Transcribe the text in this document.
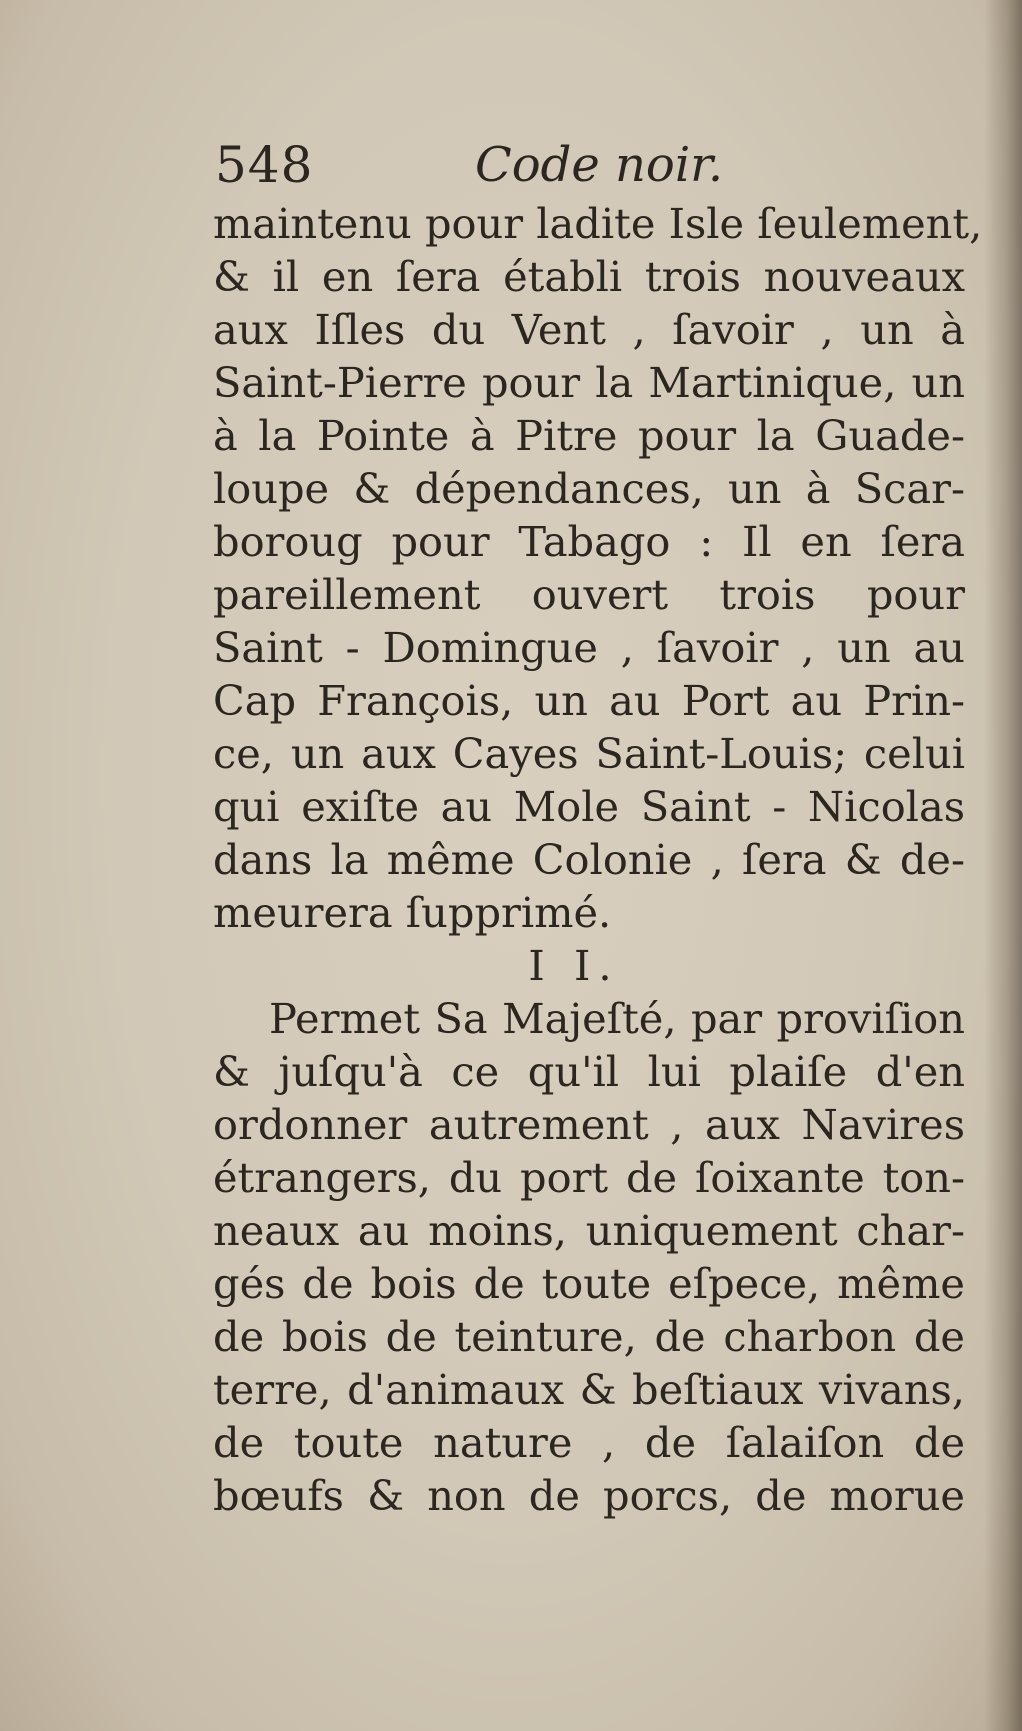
548	Code noir.
maintenu pour ladite Isle ſeulement,
& il en ſera établi trois nouveaux
aux Iſles du Vent , ſavoir , un à
Saint-Pierre pour la Martinique, un
à la Pointe à Pitre pour la Guade-
loupe & dépendances, un à Scar-
boroug pour Tabago : Il en ſera
pareillement ouvert trois pour
Saint - Domingue , ſavoir , un au
Cap François, un au Port au Prin-
ce, un aux Cayes Saint-Louis; celui
qui exiſte au Mole Saint - Nicolas
dans la même Colonie , ſera & de-
meurera ſupprimé.
I I.
Permet Sa Majeſté, par proviſion
& juſqu'à ce qu'il lui plaiſe d'en
ordonner autrement , aux Navires
étrangers, du port de ſoixante ton-
neaux au moins, uniquement char-
gés de bois de toute eſpece, même
de bois de teinture, de charbon de
terre, d'animaux & beſtiaux vivans,
de toute nature , de ſalaiſon de
bœufs & non de porcs, de morue
